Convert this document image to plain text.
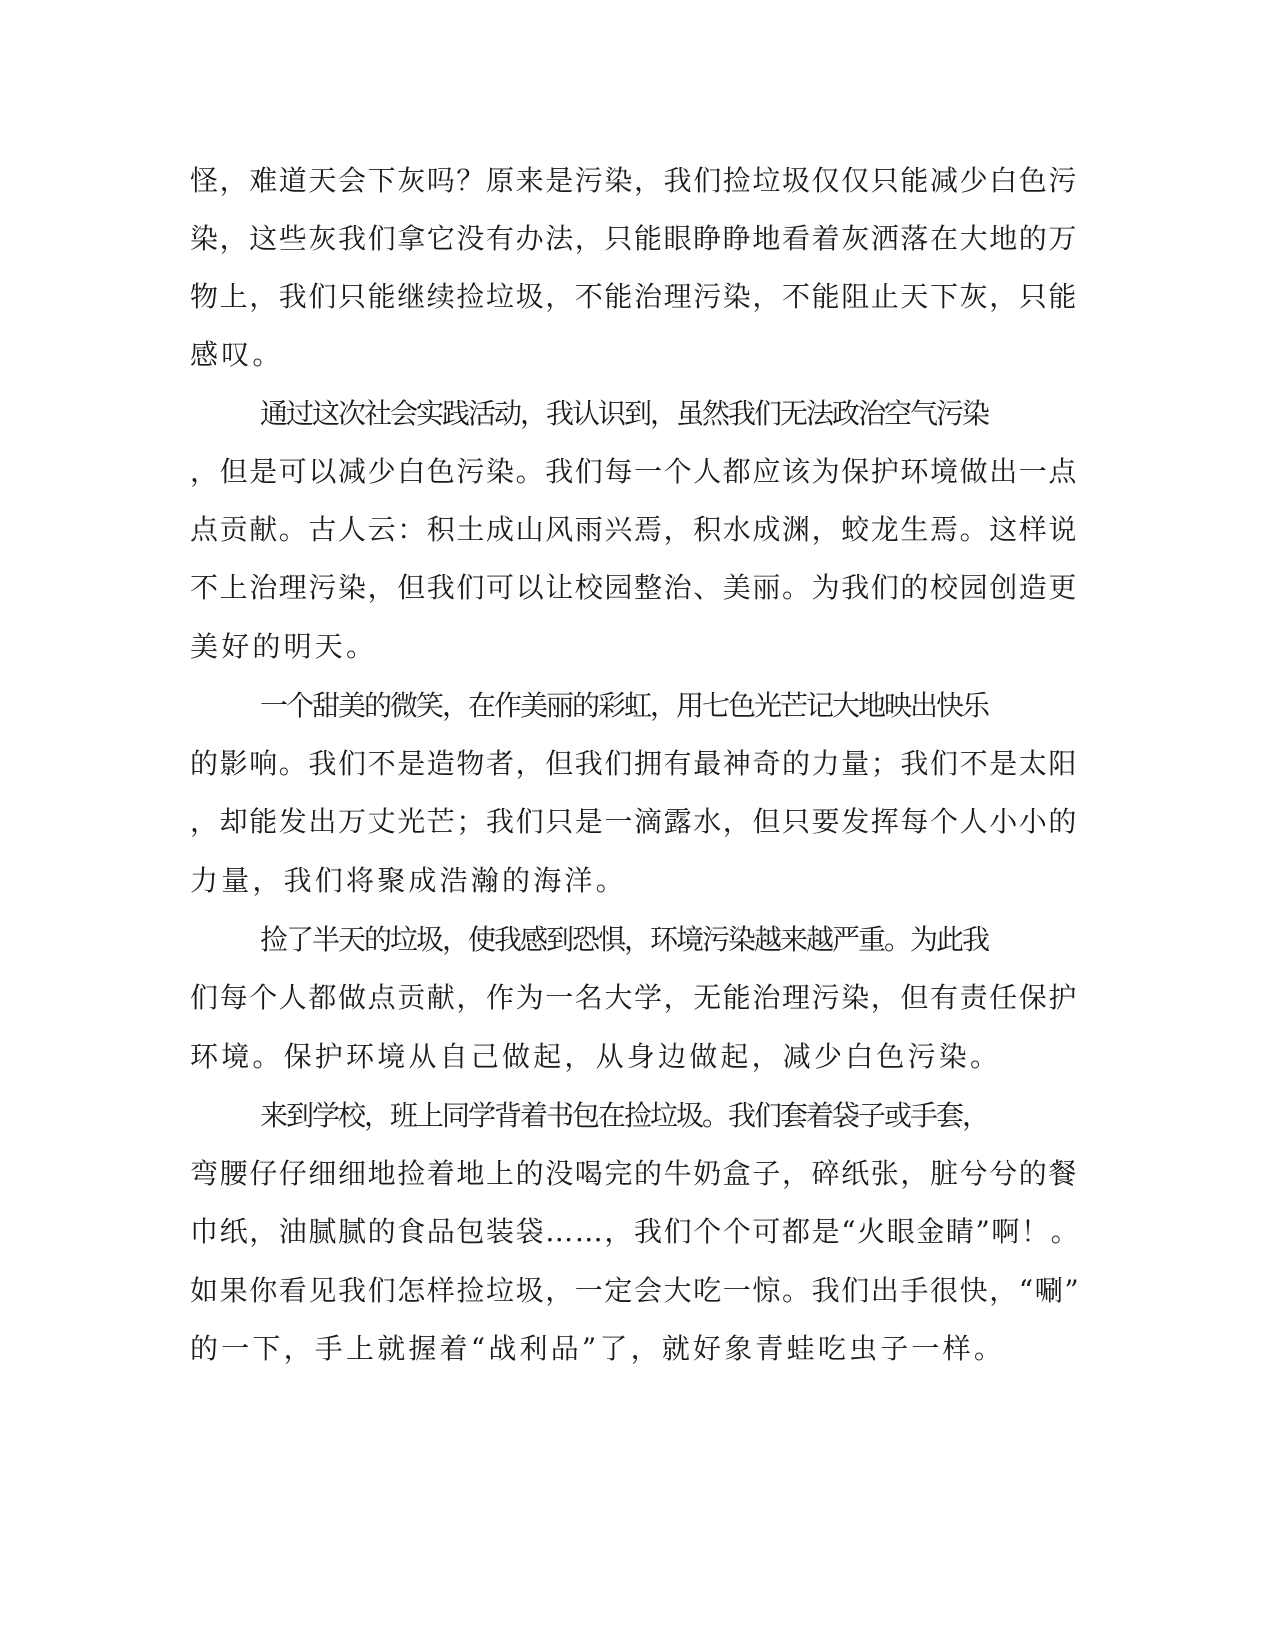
怪，难道天会下灰吗？原来是污染，我们捡垃圾仅仅只能减少白色污
染，这些灰我们拿它没有办法，只能眼睁睁地看着灰洒落在大地的万
物上，我们只能继续捡垃圾，不能治理污染，不能阻止天下灰，只能
感叹。
通过这次社会实践活动，我认识到，虽然我们无法政治空气污染
，但是可以减少白色污染。我们每一个人都应该为保护环境做出一点
点贡献。古人云：积土成山风雨兴焉，积水成渊，蛟龙生焉。这样说
不上治理污染，但我们可以让校园整治、美丽。为我们的校园创造更
美好的明天。
一个甜美的微笑，在作美丽的彩虹，用七色光芒记大地映出快乐
的影响。我们不是造物者，但我们拥有最神奇的力量；我们不是太阳
，却能发出万丈光芒；我们只是一滴露水，但只要发挥每个人小小的
力量，我们将聚成浩瀚的海洋。
捡了半天的垃圾，使我感到恐惧，环境污染越来越严重。为此我
们每个人都做点贡献，作为一名大学，无能治理污染，但有责任保护
环境。保护环境从自己做起，从身边做起，减少白色污染。
来到学校，班上同学背着书包在捡垃圾。我们套着袋子或手套，
弯腰仔仔细细地捡着地上的没喝完的牛奶盒子，碎纸张，脏兮兮的餐
巾纸，油腻腻的食品包装袋……，我们个个可都是“火眼金睛”啊！。
如果你看见我们怎样捡垃圾，一定会大吃一惊。我们出手很快，“唰”
的一下，手上就握着“战利品”了，就好象青蛙吃虫子一样。
